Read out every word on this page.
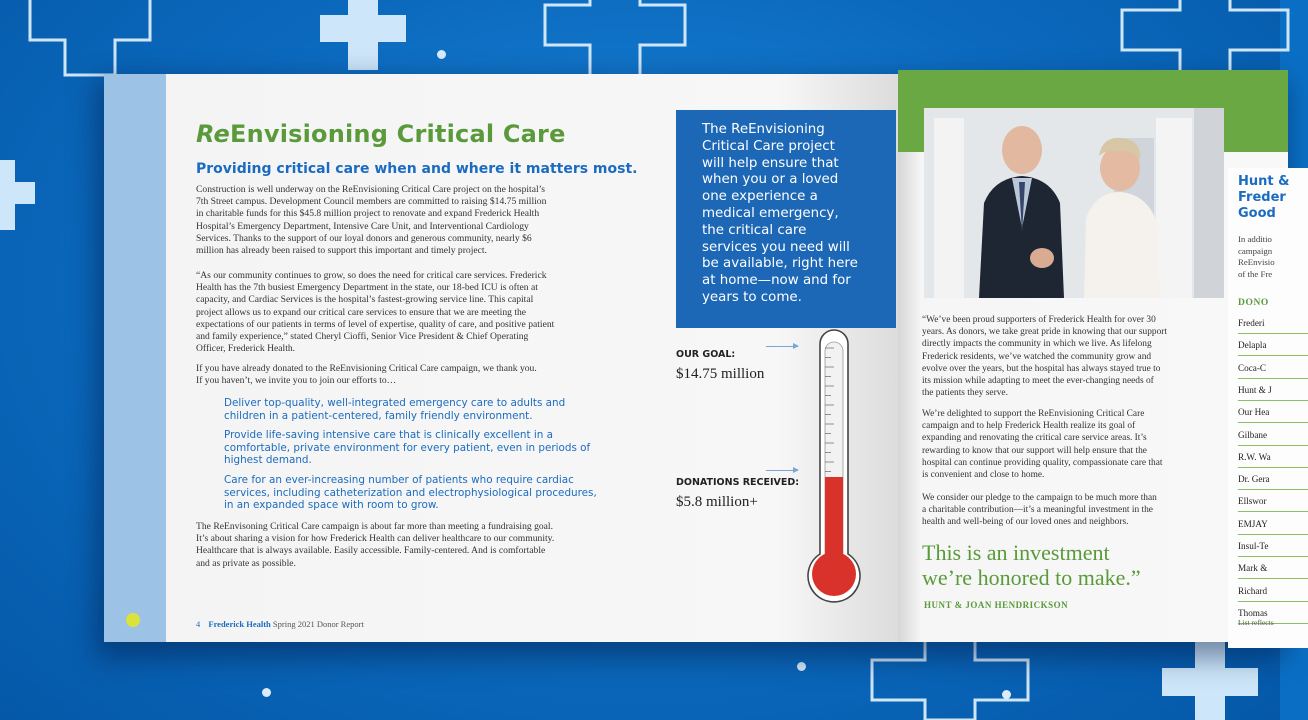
ReEnvisioning Critical Care
Providing critical care when and where it matters most.
Construction is well underway on the ReEnvisioning Critical Care project on the hospital’s
7th Street campus. Development Council members are committed to raising $14.75 million
in charitable funds for this $45.8 million project to renovate and expand Frederick Health
Hospital’s Emergency Department, Intensive Care Unit, and Interventional Cardiology
Services. Thanks to the support of our loyal donors and generous community, nearly $6
million has already been raised to support this important and timely project.
“As our community continues to grow, so does the need for critical care services. Frederick
Health has the 7th busiest Emergency Department in the state, our 18-bed ICU is often at
capacity, and Cardiac Services is the hospital’s fastest-growing service line. This capital
project allows us to expand our critical care services to ensure that we are meeting the
expectations of our patients in terms of level of expertise, quality of care, and positive patient
and family experience,” stated Cheryl Cioffi, Senior Vice President & Chief Operating
Officer, Frederick Health.
If you have already donated to the ReEnvisioning Critical Care campaign, we thank you.
If you haven’t, we invite you to join our efforts to…

Deliver top-quality, well-integrated emergency care to adults and
children in a patient-centered, family friendly environment.

Provide life-saving intensive care that is clinically excellent in a
comfortable, private environment for every patient, even in periods of
highest demand.

Care for an ever-increasing number of patients who require cardiac
services, including catheterization and electrophysiological procedures,
in an expanded space with room to grow.

The ReEnvisoning Critical Care campaign is about far more than meeting a fundraising goal.
It’s about sharing a vision for how Frederick Health can deliver healthcare to our community.
Healthcare that is always available. Easily accessible. Family-centered. And is comfortable
and as private as possible.
4 Frederick Health Spring 2021 Donor Report
The ReEnvisioning
Critical Care project
will help ensure that
when you or a loved
one experience a
medical emergency,
the critical care
services you need will
be available, right here
at home—now and for
years to come.
OUR GOAL:
$14.75 million
DONATIONS RECEIVED:
$5.8 million+
“We’ve been proud supporters of Frederick Health for over 30
years. As donors, we take great pride in knowing that our support
directly impacts the community in which we live. As lifelong
Frederick residents, we’ve watched the community grow and
evolve over the years, but the hospital has always stayed true to
its mission while adapting to meet the ever-changing needs of
the patients they serve.
We’re delighted to support the ReEnvisioning Critical Care
campaign and to help Frederick Health realize its goal of
expanding and renovating the critical care service areas. It’s
rewarding to know that our support will help ensure that the
hospital can continue providing quality, compassionate care that
is convenient and close to home.
We consider our pledge to the campaign to be much more than
a charitable contribution—it’s a meaningful investment in the
health and well-being of our loved ones and neighbors.
This is an investment
we’re honored to make.”
HUNT & JOAN HENDRICKSON
Hunt &
Freder
Good
In additio
campaign
ReEnvisio
of the Fre
DONO
Frederi
Delapla
Coca-C
Hunt & J
Our Hea
Gilbane
R.W. Wa
Dr. Gera
Ellswor
EMJAY
Insul-Te
Mark &
Richard
Thomas
List reflects
